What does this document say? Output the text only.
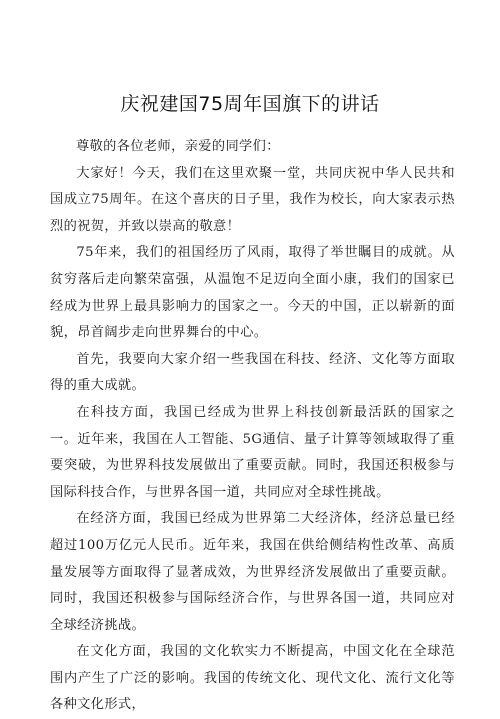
庆祝建国75周年国旗下的讲话

尊敬的各位老师，亲爱的同学们：

大家好！今天，我们在这里欢聚一堂，共同庆祝中华人民共和国成立75周年。在这个喜庆的日子里，我作为校长，向大家表示热烈的祝贺，并致以崇高的敬意！

75年来，我们的祖国经历了风雨，取得了举世瞩目的成就。从贫穷落后走向繁荣富强，从温饱不足迈向全面小康，我们的国家已经成为世界上最具影响力的国家之一。今天的中国，正以崭新的面貌，昂首阔步走向世界舞台的中心。

首先，我要向大家介绍一些我国在科技、经济、文化等方面取得的重大成就。

在科技方面，我国已经成为世界上科技创新最活跃的国家之一。近年来，我国在人工智能、5G通信、量子计算等领域取得了重要突破，为世界科技发展做出了重要贡献。同时，我国还积极参与国际科技合作，与世界各国一道，共同应对全球性挑战。

在经济方面，我国已经成为世界第二大经济体，经济总量已经超过100万亿元人民币。近年来，我国在供给侧结构性改革、高质量发展等方面取得了显著成效，为世界经济发展做出了重要贡献。同时，我国还积极参与国际经济合作，与世界各国一道，共同应对全球经济挑战。

在文化方面，我国的文化软实力不断提高，中国文化在全球范围内产生了广泛的影响。我国的传统文化、现代文化、流行文化等各种文化形式，
